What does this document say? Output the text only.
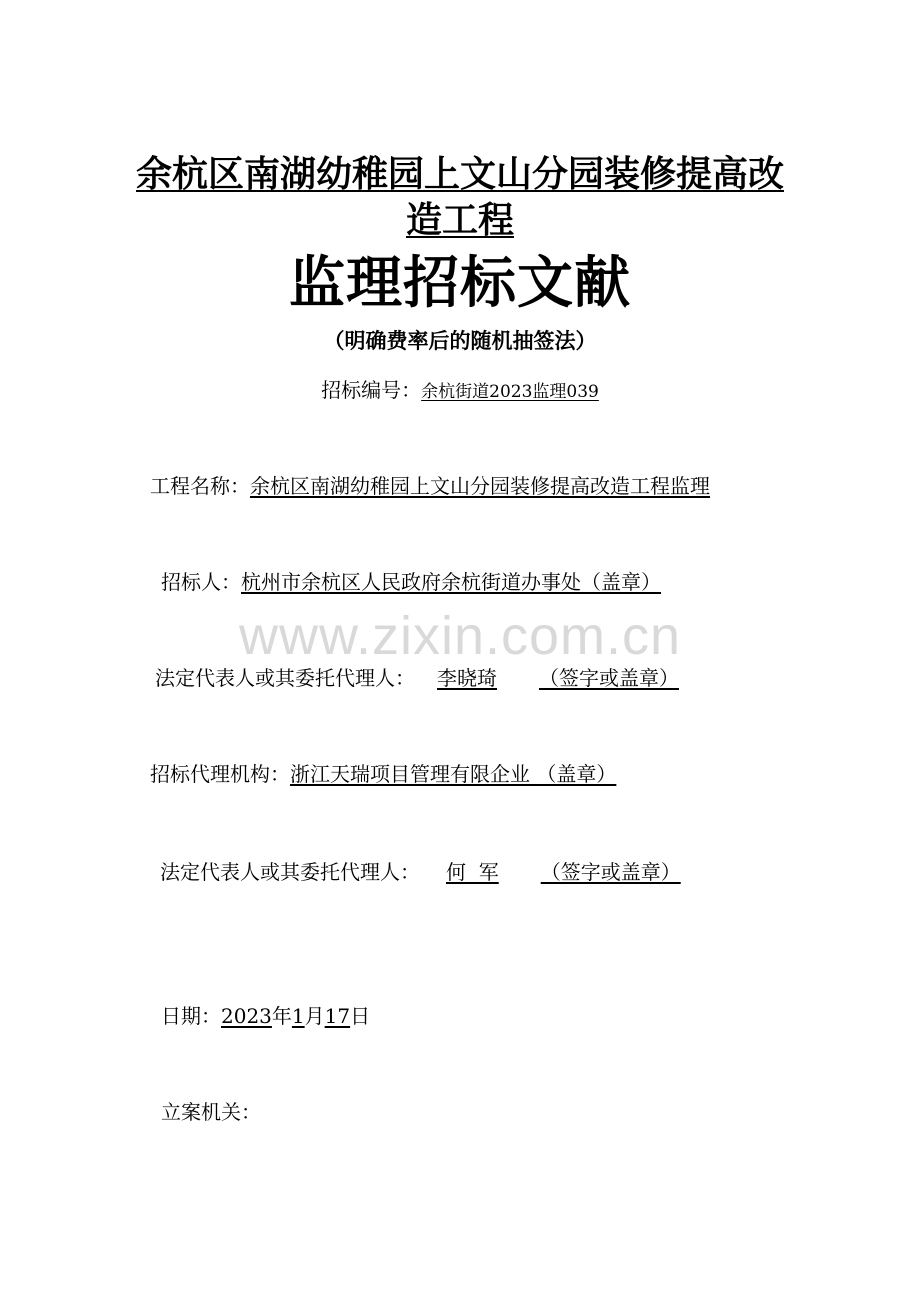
余杭区南湖幼稚园上文山分园装修提高改
造工程
监理招标文献
（明确费率后的随机抽签法）
招标编号：余杭街道2023监理039
工程名称：余杭区南湖幼稚园上文山分园装修提高改造工程监理
招标人：杭州市余杭区人民政府余杭街道办事处（盖章）
www.zixin.com.cn
法定代表人或其委托代理人： 李晓琦 （签字或盖章）
招标代理机构：浙江天瑞项目管理有限企业 （盖章）
法定代表人或其委托代理人： 何  军 （签字或盖章）
日期：2023年1月17日
立案机关：
